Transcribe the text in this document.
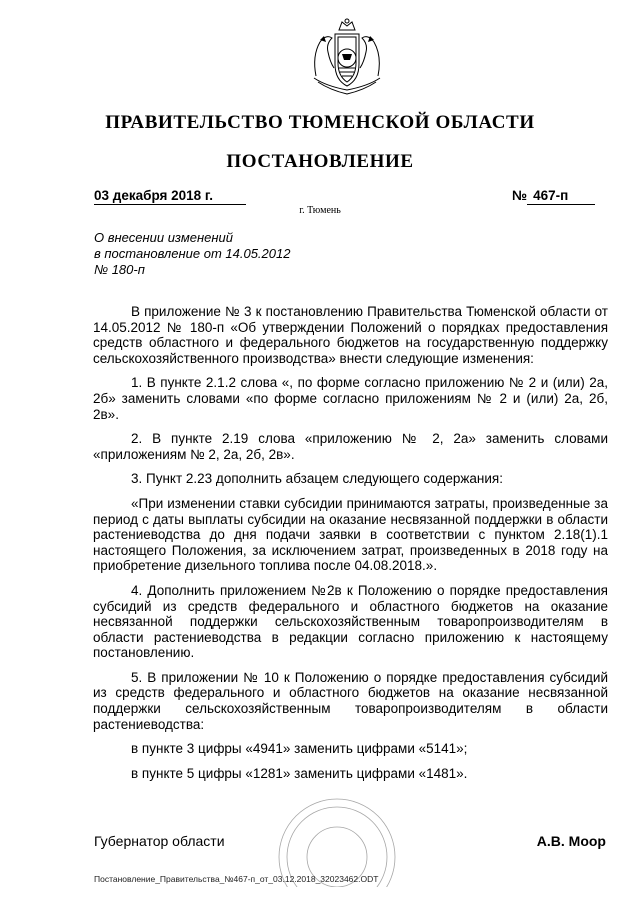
ПРАВИТЕЛЬСТВО ТЮМЕНСКОЙ ОБЛАСТИ
ПОСТАНОВЛЕНИЕ
03 декабря 2018 г.	№ 467-п
г. Тюмень
О внесении изменений
в постановление от 14.05.2012
№ 180-п

В приложение № 3 к постановлению Правительства Тюменской области от 14.05.2012 № 180-п «Об утверждении Положений о порядках предоставления средств областного и федерального бюджетов на государственную поддержку сельскохозяйственного производства» внести следующие изменения:

1. В пункте 2.1.2 слова «, по форме согласно приложению № 2 и (или) 2а, 2б» заменить словами «по форме согласно приложениям № 2 и (или) 2а, 2б, 2в».

2. В пункте 2.19 слова «приложению № 2, 2а» заменить словами «приложениям № 2, 2а, 2б, 2в».

3. Пункт 2.23 дополнить абзацем следующего содержания:

«При изменении ставки субсидии принимаются затраты, произведенные за период с даты выплаты субсидии на оказание несвязанной поддержки в области растениеводства до дня подачи заявки в соответствии с пунктом 2.18(1).1 настоящего Положения, за исключением затрат, произведенных в 2018 году на приобретение дизельного топлива после 04.08.2018.».

4. Дополнить приложением №2в к Положению о порядке предоставления субсидий из средств федерального и областного бюджетов на оказание несвязанной поддержки сельскохозяйственным товаропроизводителям в области растениеводства в редакции согласно приложению к настоящему постановлению.

5. В приложении № 10 к Положению о порядке предоставления субсидий из средств федерального и областного бюджетов на оказание несвязанной поддержки сельскохозяйственным товаропроизводителям в области растениеводства:

в пункте 3 цифры «4941» заменить цифрами «5141»;

в пункте 5 цифры «1281» заменить цифрами «1481».

Губернатор области	А.В. Моор
Постановление_Правительства_№467-п_от_03.12.2018_32023462.ODT
